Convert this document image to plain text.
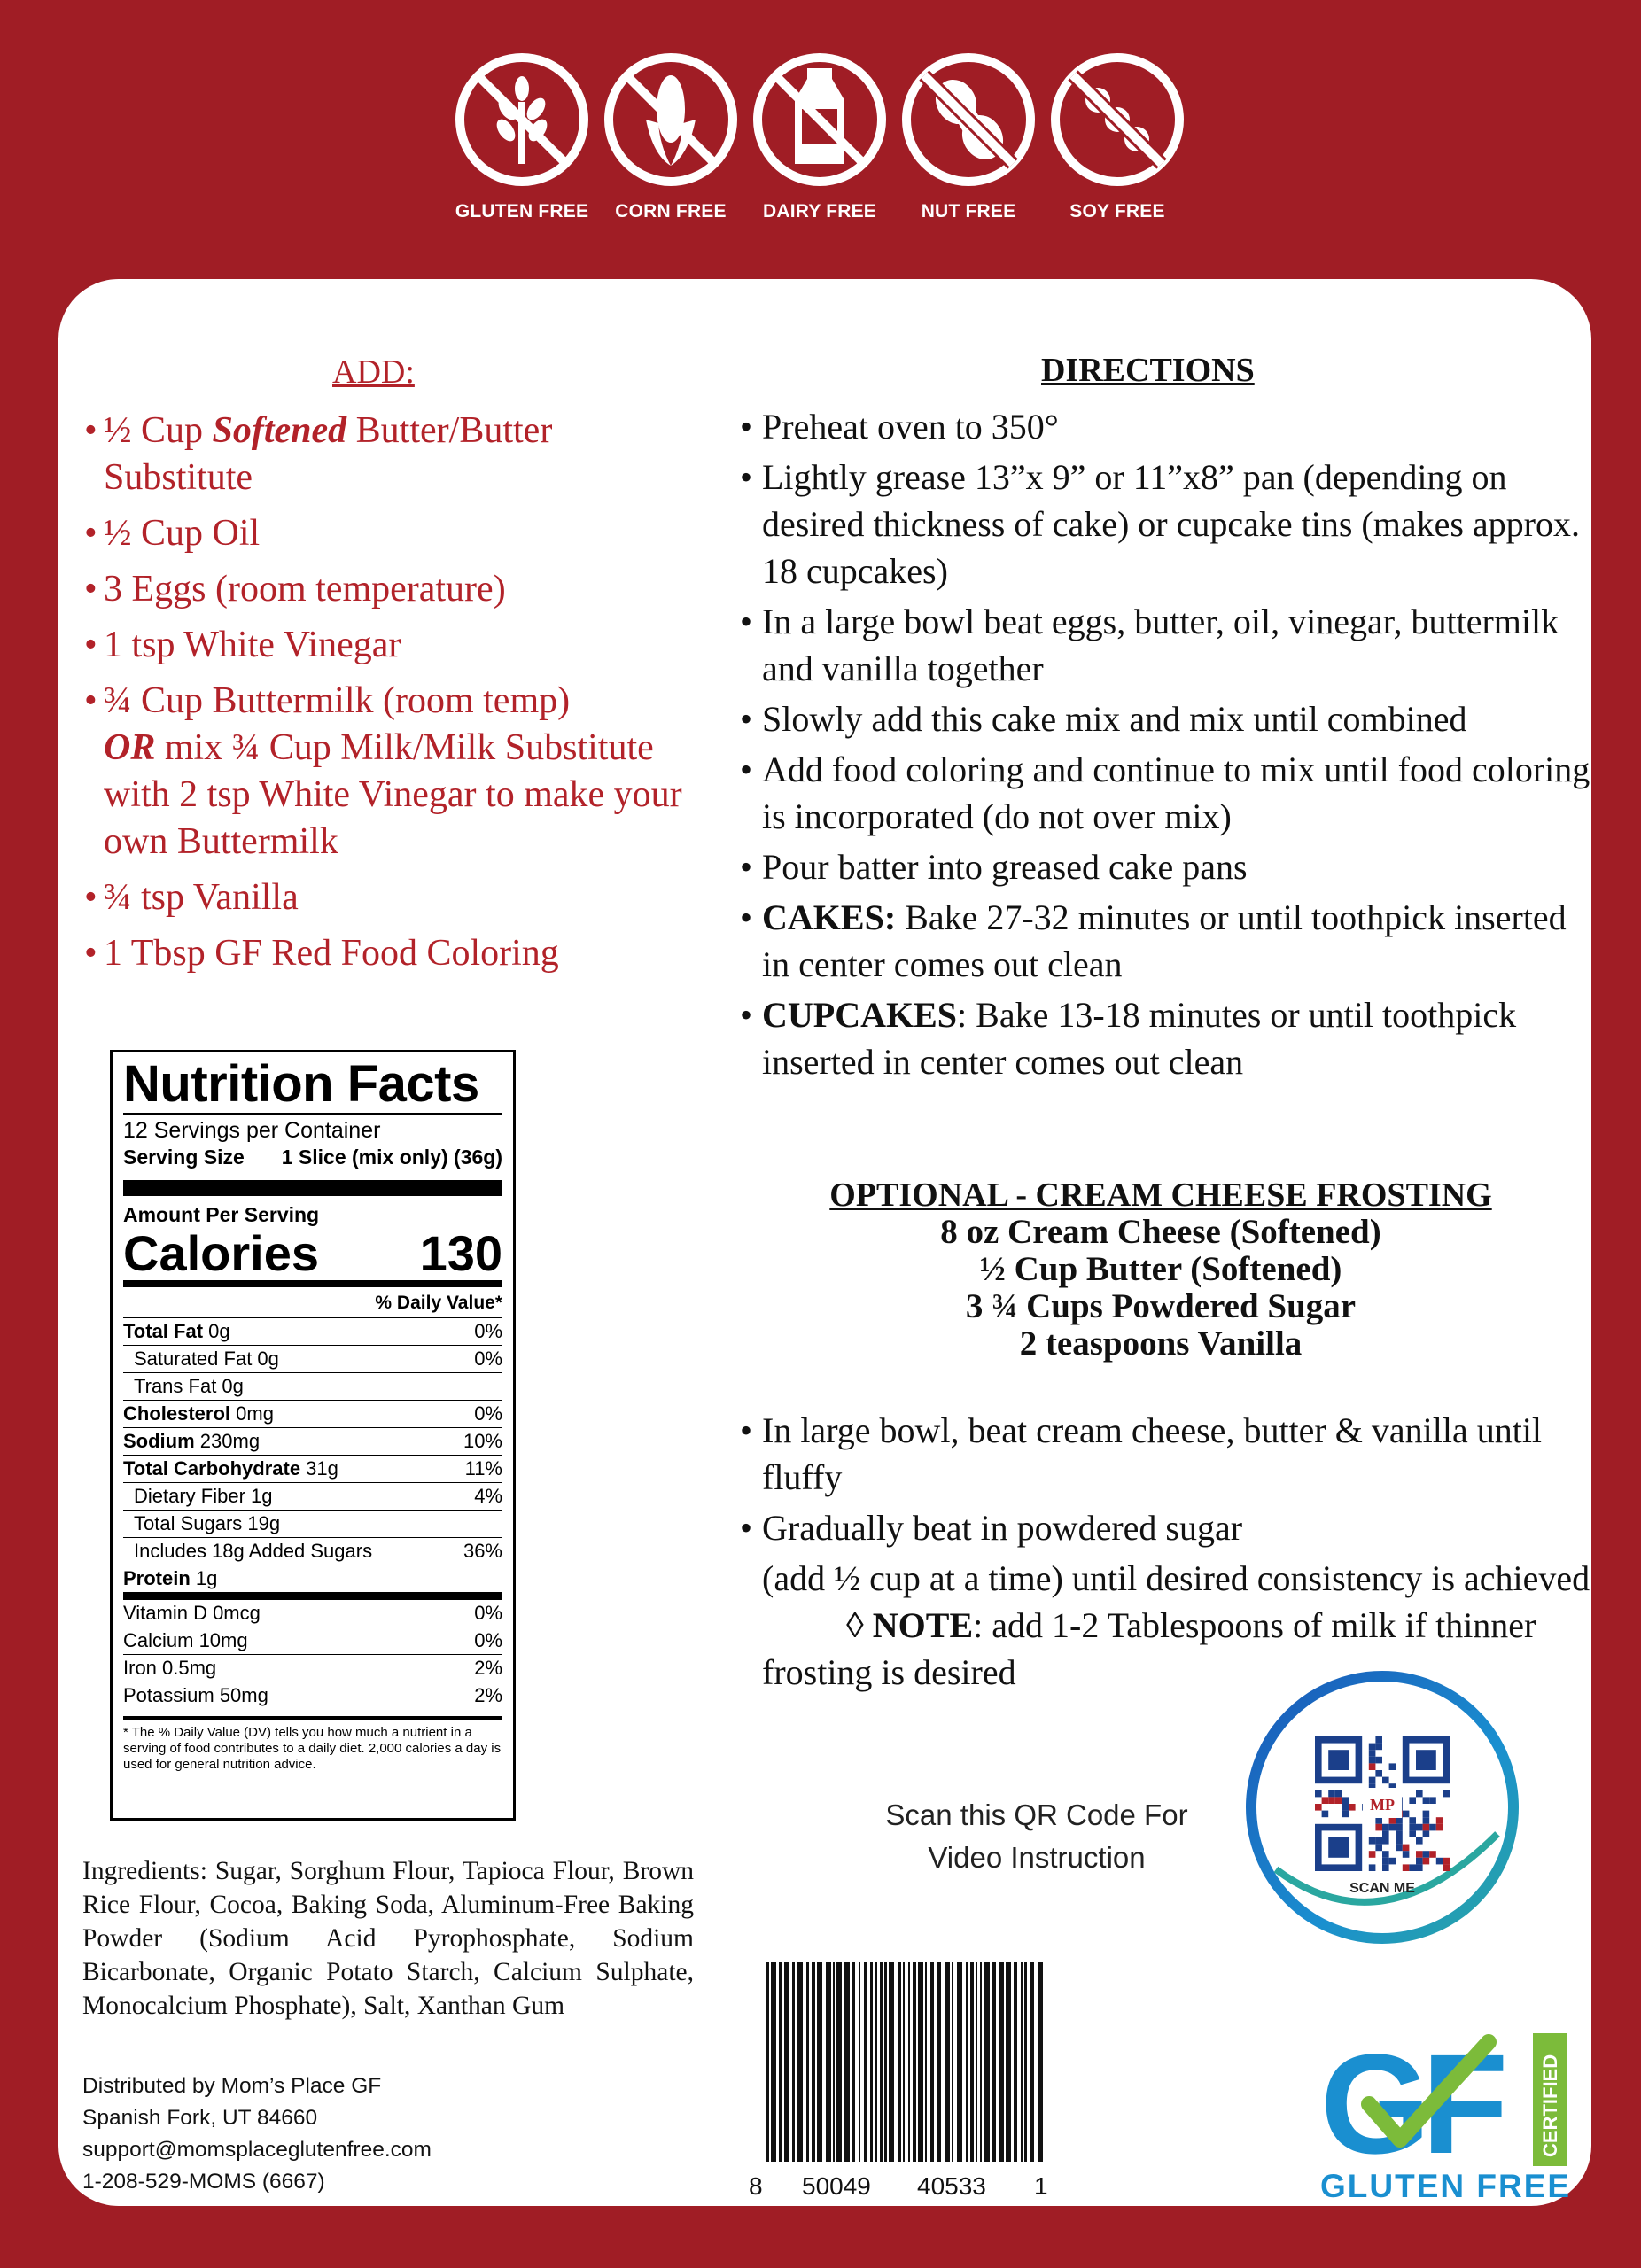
GLUTEN FREE	CORN FREE	DAIRY FREE	NUT FREE	SOY FREE
ADD:
• ½ Cup Softened Butter/Butter Substitute
• ½ Cup Oil
• 3 Eggs (room temperature)
• 1 tsp White Vinegar
• ¾ Cup Buttermilk (room temp)
OR mix ¾ Cup Milk/Milk Substitute with 2 tsp White Vinegar to make your own Buttermilk
• ¾ tsp Vanilla
• 1 Tbsp GF Red Food Coloring
Nutrition Facts
12 Servings per Container
Serving Size 1 Slice (mix only) (36g)
Amount Per Serving
Calories 130
% Daily Value*
Total Fat 0g	0%
Saturated Fat 0g	0%
Trans Fat 0g
Cholesterol 0mg	0%
Sodium 230mg	10%
Total Carbohydrate 31g	11%
Dietary Fiber 1g	4%
Total Sugars 19g
Includes 18g Added Sugars	36%
Protein 1g
Vitamin D 0mcg	0%
Calcium 10mg	0%
Iron 0.5mg	2%
Potassium 50mg	2%
* The % Daily Value (DV) tells you how much a nutrient in a serving of food contributes to a daily diet. 2,000 calories a day is used for general nutrition advice.
Ingredients: Sugar, Sorghum Flour, Tapioca Flour, Brown Rice Flour, Cocoa, Baking Soda, Aluminum-Free Baking Powder (Sodium Acid Pyrophosphate, Sodium Bicarbonate, Organic Potato Starch, Calcium Sulphate, Monocalcium Phosphate), Salt, Xanthan Gum
Distributed by Mom’s Place GF
Spanish Fork, UT 84660
support@momsplaceglutenfree.com
1-208-529-MOMS (6667)
DIRECTIONS
• Preheat oven to 350°
• Lightly grease 13”x 9” or 11”x8” pan (depending on desired thickness of cake) or cupcake tins (makes approx. 18 cupcakes)
• In a large bowl beat eggs, butter, oil, vinegar, buttermilk and vanilla together
• Slowly add this cake mix and mix until combined
• Add food coloring and continue to mix until food coloring is incorporated (do not over mix)
• Pour batter into greased cake pans
• CAKES: Bake 27-32 minutes or until toothpick inserted in center comes out clean
• CUPCAKES: Bake 13-18 minutes or until toothpick inserted in center comes out clean
OPTIONAL - CREAM CHEESE FROSTING
8 oz Cream Cheese (Softened)
½ Cup Butter (Softened)
3 ¾ Cups Powdered Sugar
2 teaspoons Vanilla
• In large bowl, beat cream cheese, butter & vanilla until fluffy
• Gradually beat in powdered sugar
(add ½ cup at a time) until desired consistency is achieved
◊ NOTE: add 1-2 Tablespoons of milk if thinner frosting is desired
Scan this QR Code For
Video Instruction
MP
SCAN ME
8 50049 40533 1
GF CERTIFIED
GLUTEN FREE
